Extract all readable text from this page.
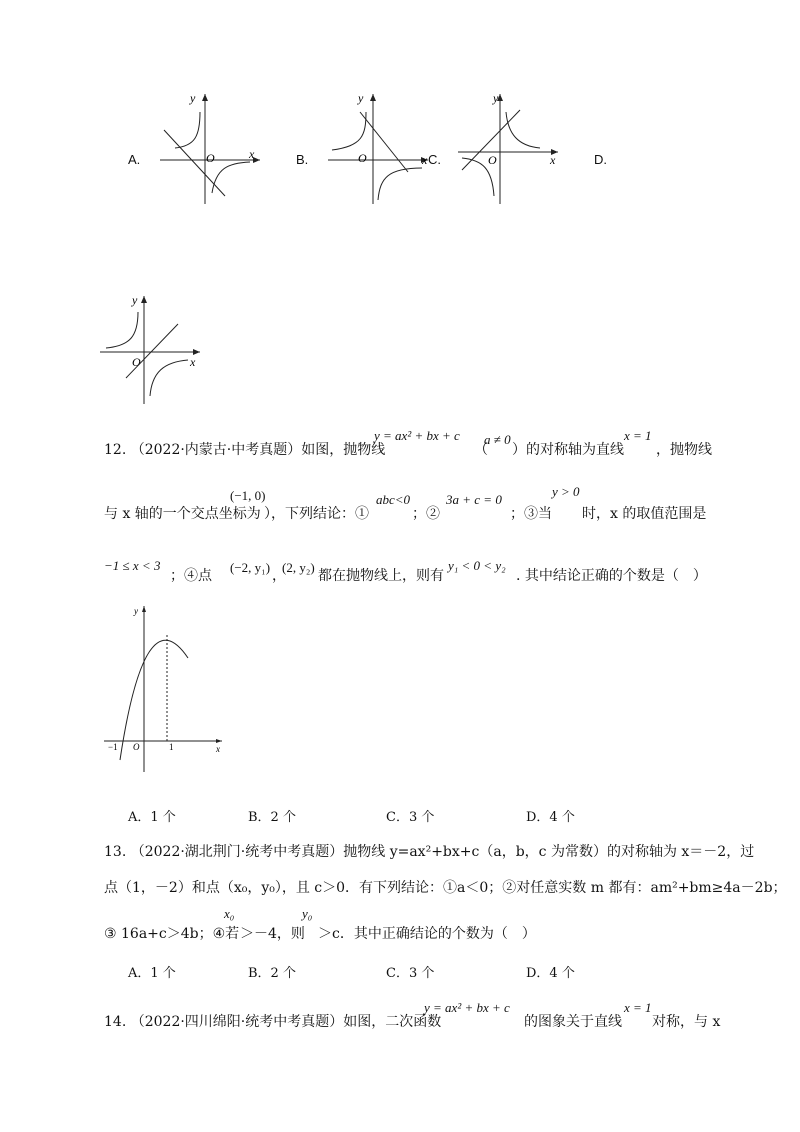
A.
y
x
O	B.
y
x
O	C.
y
x
O	D.
y
x
O
12. （2022·内蒙古·中考真题）如图，抛物线
y = ax² + bx + c
（
a ≠ 0
）的对称轴为直线
x = 1
，抛物线
与 x 轴的一个交点坐标为
(−1, 0)
），下列结论：①
abc<0
；②
3a + c = 0
；③当
y > 0
时，x 的取值范围是
−1 ≤ x < 3
；④点
(−2, y₁)
，
(2, y₂)
都在抛物线上，则有
y₁ < 0 < y₂
. 其中结论正确的个数是（　）
y
x
O
−1	1
A．1 个	B．2 个	C．3 个	D．4 个
13. （2022·湖北荆门·统考中考真题）抛物线 y=ax²+bx+c（a，b，c 为常数）的对称轴为 x＝－2，过
点（1，－2）和点（x₀，y₀），且 c＞0．有下列结论：①a＜0；②对任意实数 m 都有：am²+bm≥4a－2b；
③ 16a+c＞4b；④若
x₀
＞－4，则
y₀
＞c．其中正确结论的个数为（　）
A．1 个	B．2 个	C．3 个	D．4 个
14. （2022·四川绵阳·统考中考真题）如图，二次函数
y = ax² + bx + c
的图象关于直线
x = 1
对称，与 x
